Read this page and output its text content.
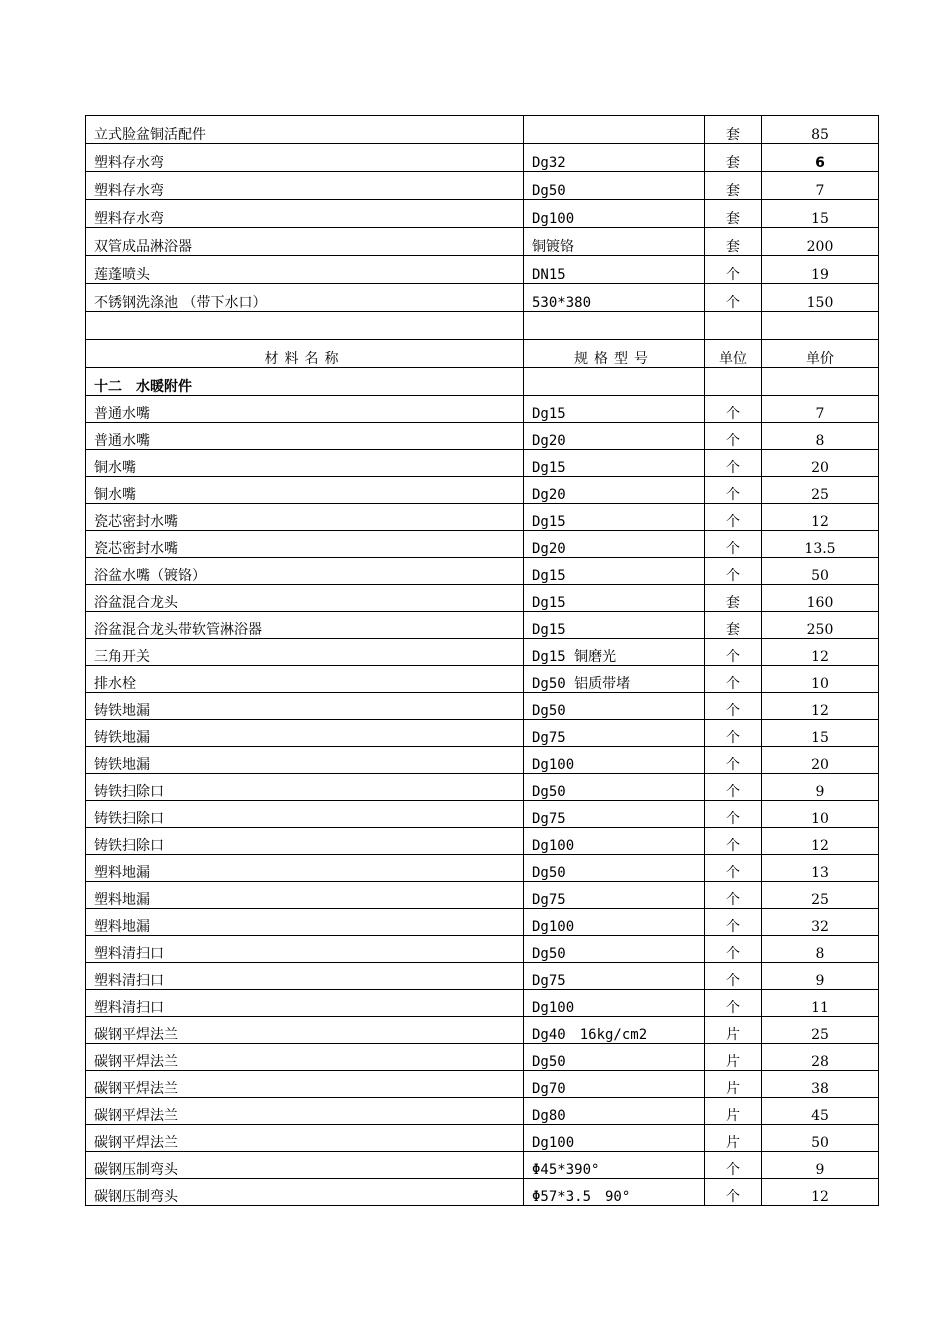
立式脸盆铜活配件		套	85
塑料存水弯	Dg32	套	6
塑料存水弯	Dg50	套	7
塑料存水弯	Dg100	套	15
双管成品淋浴器	铜镀铬	套	200
莲蓬喷头	DN15	个	19
不锈钢洗涤池 （带下水口）	530*380	个	150

材料名称	规格型号	单位	单价
十二　水暖附件			
普通水嘴	Dg15	个	7
普通水嘴	Dg20	个	8
铜水嘴	Dg15	个	20
铜水嘴	Dg20	个	25
瓷芯密封水嘴	Dg15	个	12
瓷芯密封水嘴	Dg20	个	13.5
浴盆水嘴（镀铬）	Dg15	个	50
浴盆混合龙头	Dg15	套	160
浴盆混合龙头带软管淋浴器	Dg15	套	250
三角开关	Dg15 铜磨光	个	12
排水栓	Dg50 铝质带堵	个	10
铸铁地漏	Dg50	个	12
铸铁地漏	Dg75	个	15
铸铁地漏	Dg100	个	20
铸铁扫除口	Dg50	个	9
铸铁扫除口	Dg75	个	10
铸铁扫除口	Dg100	个	12
塑料地漏	Dg50	个	13
塑料地漏	Dg75	个	25
塑料地漏	Dg100	个	32
塑料清扫口	Dg50	个	8
塑料清扫口	Dg75	个	9
塑料清扫口	Dg100	个	11
碳钢平焊法兰	Dg40　16kg/cm2	片	25
碳钢平焊法兰	Dg50	片	28
碳钢平焊法兰	Dg70	片	38
碳钢平焊法兰	Dg80	片	45
碳钢平焊法兰	Dg100	片	50
碳钢压制弯头	Φ45*390°	个	9
碳钢压制弯头	Φ57*3.5　90°	个	12
